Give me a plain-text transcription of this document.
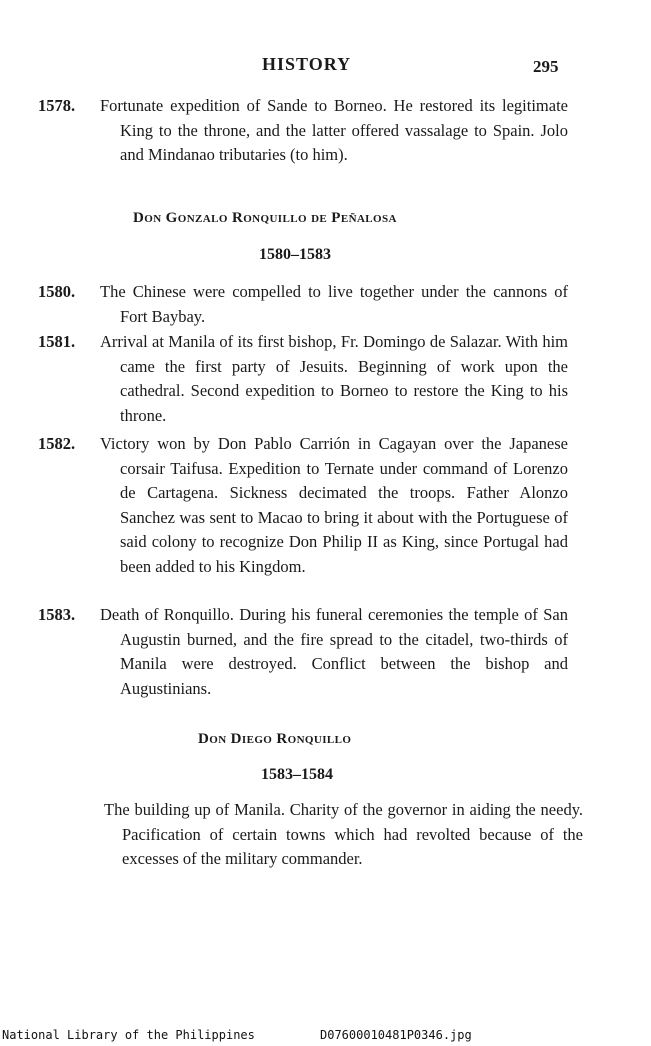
HISTORY	295
1578. Fortunate expedition of Sande to Borneo. He restored its legitimate King to the throne, and the latter offered vassalage to Spain. Jolo and Mindanao tributaries (to him).
Don Gonzalo Ronquillo de Peñalosa
1580–1583
1580. The Chinese were compelled to live together under the cannons of Fort Baybay.
1581. Arrival at Manila of its first bishop, Fr. Domingo de Salazar. With him came the first party of Jesuits. Beginning of work upon the cathedral. Second expedition to Borneo to restore the King to his throne.
1582. Victory won by Don Pablo Carrión in Cagayan over the Japanese corsair Taifusa. Expedition to Ternate under command of Lorenzo de Cartagena. Sickness decimated the troops. Father Alonzo Sanchez was sent to Macao to bring it about with the Portuguese of said colony to recognize Don Philip II as King, since Portugal had been added to his Kingdom.
1583. Death of Ronquillo. During his funeral ceremonies the temple of San Augustin burned, and the fire spread to the citadel, two-thirds of Manila were destroyed. Conflict between the bishop and Augustinians.
Don Diego Ronquillo
1583–1584
The building up of Manila. Charity of the governor in aiding the needy. Pacification of certain towns which had revolted because of the excesses of the military commander.
National Library of the Philippines	D07600010481P0346.jpg
